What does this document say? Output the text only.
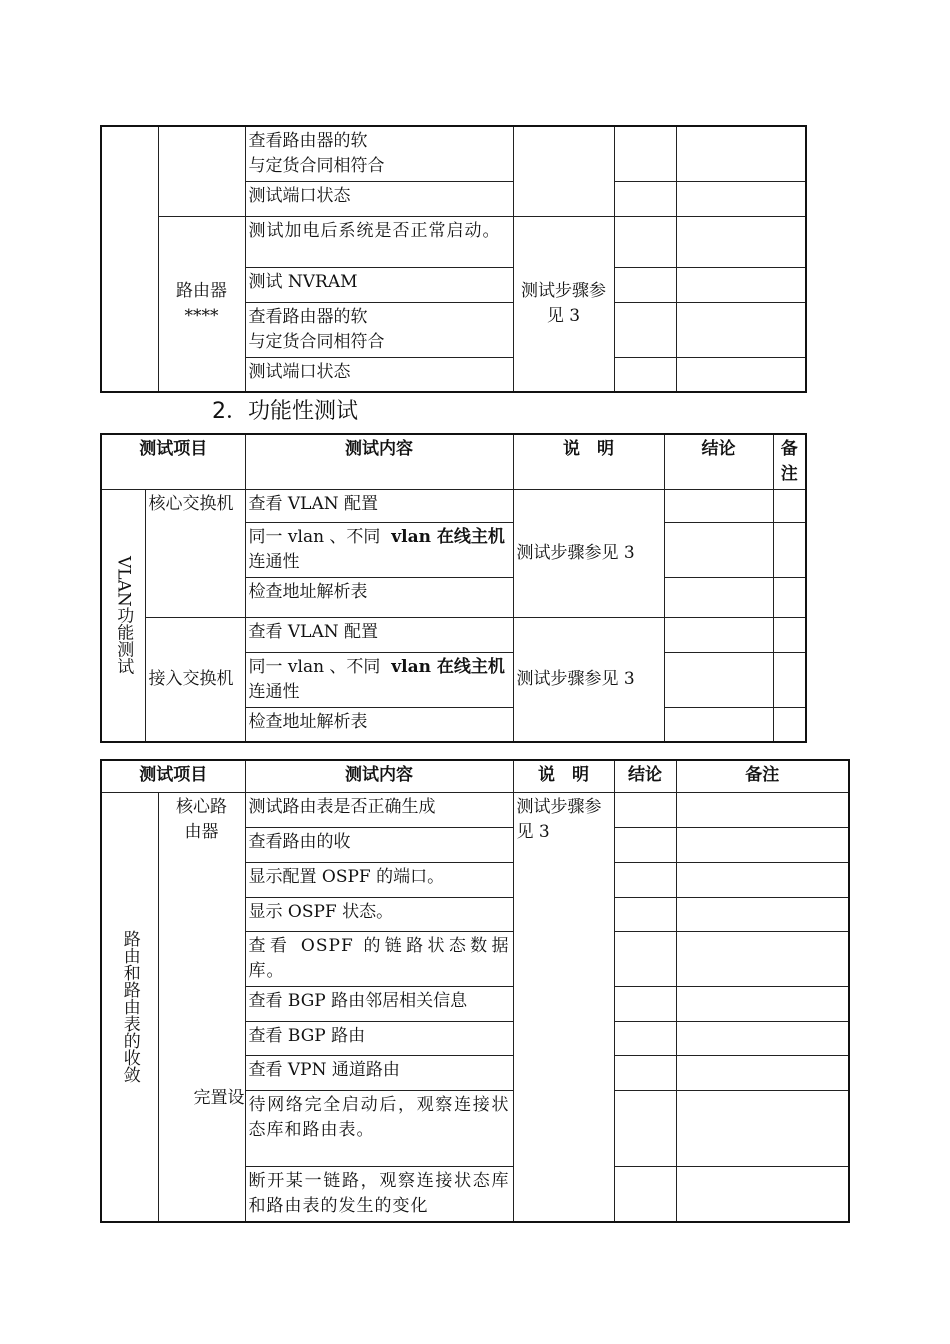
		查看路由器的软
与定货合同相符合			

		测试端口状态			

	路由器
****	测试加电后系统是否正常启动。	测试步骤参见 3		
		测试 NVRAM			

		查看路由器的软
与定货合同相符合			

		测试端口状态			
2．功能性测试
测试项目		测试内容	说　明	结论	备注

VLAN功能测试	核心交换机	查看 VLAN 配置	测试步骤参见 3		
		同一 vlan 、不同 vlan 在线主机
连通性			
		检查地址解析表			
	接入交换机	查看 VLAN 配置	测试步骤参见 3		
		同一 vlan 、不同 vlan 在线主机
连通性			
		检查地址解析表			
测试项目		测试内容	说　明	结论	备注

路由和路由表的收敛	核心路由器
完置设	测试路由表是否正确生成	测试步骤参见 3		
		查看路由的收			
		显示配置 OSPF 的端口。			
		显示 OSPF 状态。			
		查看 OSPF 的链路状态数据库。			
		查看 BGP 路由邻居相关信息			
		查看 BGP 路由			
		查看 VPN 通道路由			
		待网络完全启动后，观察连接状态库和路由表。			
		断开某一链路，观察连接状态库和路由表的发生的变化			
